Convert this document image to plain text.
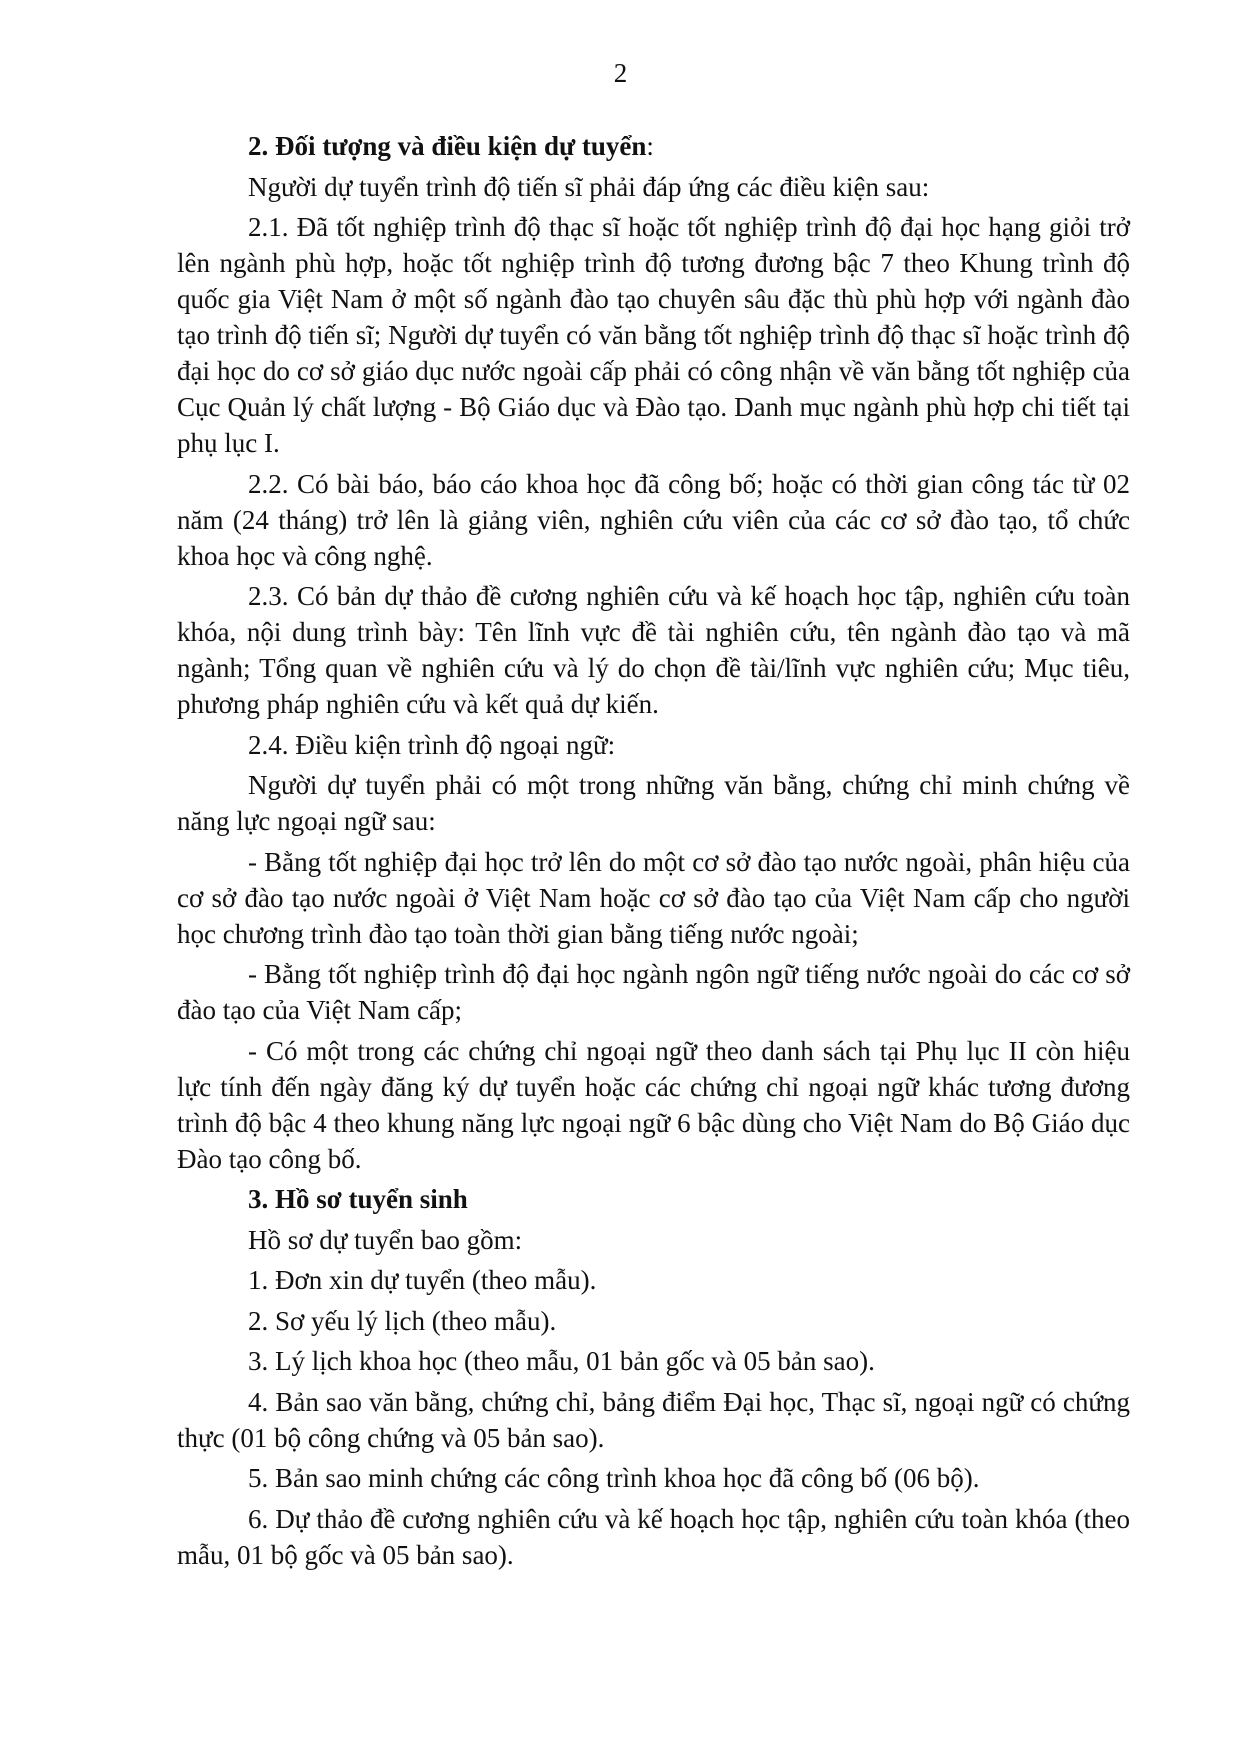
2

2. Đối tượng và điều kiện dự tuyển:

Người dự tuyển trình độ tiến sĩ phải đáp ứng các điều kiện sau:

2.1. Đã tốt nghiệp trình độ thạc sĩ hoặc tốt nghiệp trình độ đại học hạng giỏi trở lên ngành phù hợp, hoặc tốt nghiệp trình độ tương đương bậc 7 theo Khung trình độ quốc gia Việt Nam ở một số ngành đào tạo chuyên sâu đặc thù phù hợp với ngành đào tạo trình độ tiến sĩ; Người dự tuyển có văn bằng tốt nghiệp trình độ thạc sĩ hoặc trình độ đại học do cơ sở giáo dục nước ngoài cấp phải có công nhận về văn bằng tốt nghiệp của Cục Quản lý chất lượng - Bộ Giáo dục và Đào tạo. Danh mục ngành phù hợp chi tiết tại phụ lục I.

2.2. Có bài báo, báo cáo khoa học đã công bố; hoặc có thời gian công tác từ 02 năm (24 tháng) trở lên là giảng viên, nghiên cứu viên của các cơ sở đào tạo, tổ chức khoa học và công nghệ.

2.3. Có bản dự thảo đề cương nghiên cứu và kế hoạch học tập, nghiên cứu toàn khóa, nội dung trình bày: Tên lĩnh vực đề tài nghiên cứu, tên ngành đào tạo và mã ngành; Tổng quan về nghiên cứu và lý do chọn đề tài/lĩnh vực nghiên cứu; Mục tiêu, phương pháp nghiên cứu và kết quả dự kiến.

2.4. Điều kiện trình độ ngoại ngữ:

Người dự tuyển phải có một trong những văn bằng, chứng chỉ minh chứng về năng lực ngoại ngữ sau:

- Bằng tốt nghiệp đại học trở lên do một cơ sở đào tạo nước ngoài, phân hiệu của cơ sở đào tạo nước ngoài ở Việt Nam hoặc cơ sở đào tạo của Việt Nam cấp cho người học chương trình đào tạo toàn thời gian bằng tiếng nước ngoài;

- Bằng tốt nghiệp trình độ đại học ngành ngôn ngữ tiếng nước ngoài do các cơ sở đào tạo của Việt Nam cấp;

- Có một trong các chứng chỉ ngoại ngữ theo danh sách tại Phụ lục II còn hiệu lực tính đến ngày đăng ký dự tuyển hoặc các chứng chỉ ngoại ngữ khác tương đương trình độ bậc 4 theo khung năng lực ngoại ngữ 6 bậc dùng cho Việt Nam do Bộ Giáo dục Đào tạo công bố.

3. Hồ sơ tuyển sinh

Hồ sơ dự tuyển bao gồm:

1. Đơn xin dự tuyển (theo mẫu).

2. Sơ yếu lý lịch (theo mẫu).

3. Lý lịch khoa học (theo mẫu, 01 bản gốc và 05 bản sao).

4. Bản sao văn bằng, chứng chỉ, bảng điểm Đại học, Thạc sĩ, ngoại ngữ có chứng thực (01 bộ công chứng và 05 bản sao).

5. Bản sao minh chứng các công trình khoa học đã công bố (06 bộ).

6. Dự thảo đề cương nghiên cứu và kế hoạch học tập, nghiên cứu toàn khóa (theo mẫu, 01 bộ gốc và 05 bản sao).
